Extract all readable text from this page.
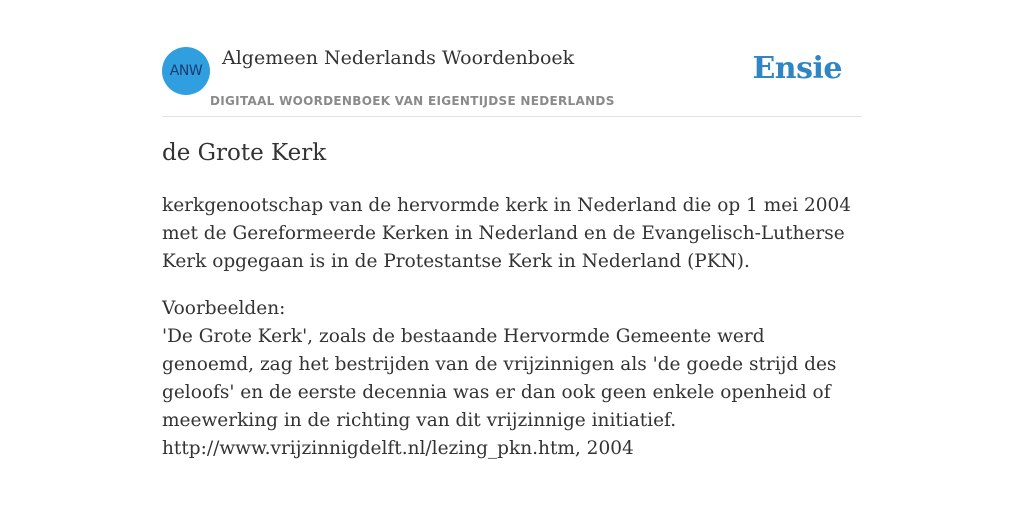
ANW
Algemeen Nederlands Woordenboek
DIGITAAL WOORDENBOEK VAN EIGENTIJDSE NEDERLANDS
Ensie
de Grote Kerk
kerkgenootschap van de hervormde kerk in Nederland die op 1 mei 2004 met de Gereformeerde Kerken in Nederland en de Evangelisch-Lutherse Kerk opgegaan is in de Protestantse Kerk in Nederland (PKN).
Voorbeelden:
'De Grote Kerk', zoals de bestaande Hervormde Gemeente werd genoemd, zag het bestrijden van de vrijzinnigen als 'de goede strijd des geloofs' en de eerste decennia was er dan ook geen enkele openheid of meewerking in de richting van dit vrijzinnige initiatief.
http://www.vrijzinnigdelft.nl/lezing_pkn.htm, 2004
